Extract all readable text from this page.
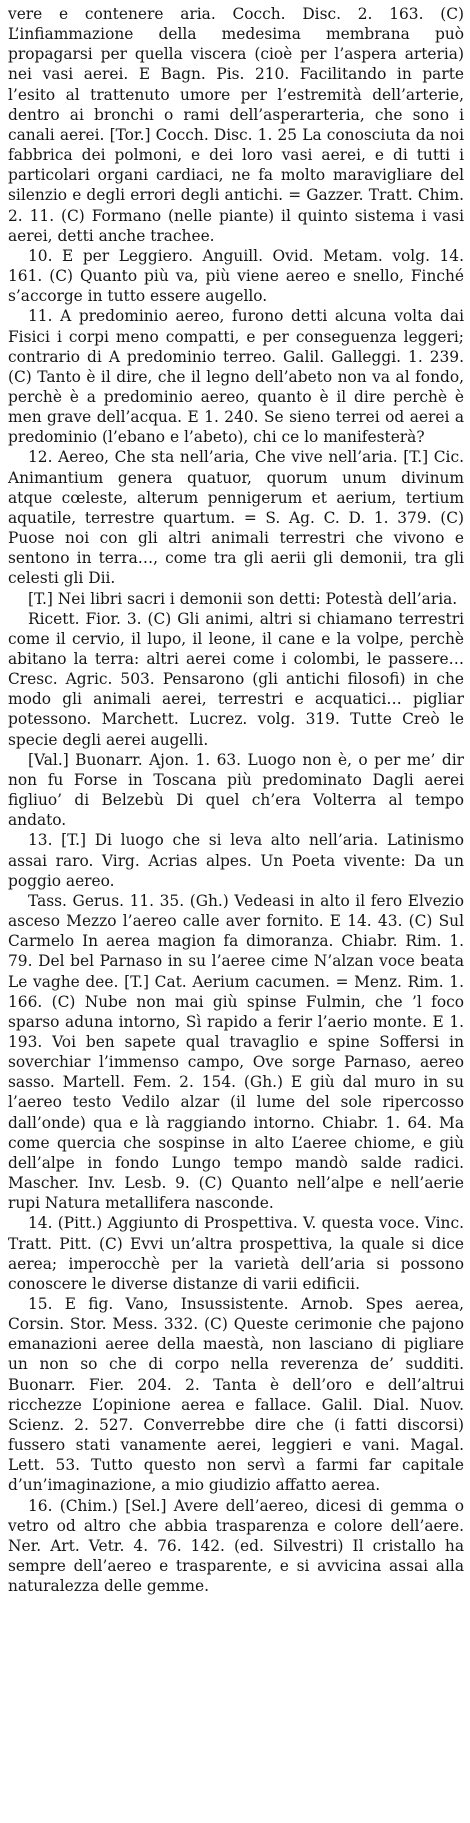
vere e contenere aria. Cocch. Disc. 2. 163. (C) L’infiammazione della medesima membrana può propagarsi per quella viscera (cioè per l’aspera arteria) nei vasi aerei. E Bagn. Pis. 210. Facilitando in parte l’esito al trattenuto umore per l’estremità dell’arterie, dentro ai bronchi o rami dell’asperarteria, che sono i canali aerei. [Tor.] Cocch. Disc. 1. 25 La conosciuta da noi fabbrica dei polmoni, e dei loro vasi aerei, e di tutti i particolari organi cardiaci, ne fa molto maravigliare del silenzio e degli errori degli antichi. = Gazzer. Tratt. Chim. 2. 11. (C) Formano (nelle piante) il quinto sistema i vasi aerei, detti anche trachee.

10. E per Leggiero. Anguill. Ovid. Metam. volg. 14. 161. (C) Quanto più va, più viene aereo e snello, Finché s’accorge in tutto essere augello.

11. A predominio aereo, furono detti alcuna volta dai Fisici i corpi meno compatti, e per conseguenza leggeri; contrario di A predominio terreo. Galil. Galleggi. 1. 239. (C) Tanto è il dire, che il legno dell’abeto non va al fondo, perchè è a predominio aereo, quanto è il dire perchè è men grave dell’acqua. E 1. 240. Se sieno terrei od aerei a predominio (l’ebano e l’abeto), chi ce lo manifesterà?

12. Aereo, Che sta nell’aria, Che vive nell’aria. [T.] Cic. Animantium genera quatuor, quorum unum divinum atque cœleste, alterum pennigerum et aerium, tertium aquatile, terrestre quartum. = S. Ag. C. D. 1. 379. (C) Puose noi con gli altri animali terrestri che vivono e sentono in terra…, come tra gli aerii gli demonii, tra gli celesti gli Dii.

[T.] Nei libri sacri i demonii son detti: Potestà dell’aria.

Ricett. Fior. 3. (C) Gli animi, altri si chiamano terrestri come il cervio, il lupo, il leone, il cane e la volpe, perchè abitano la terra: altri aerei come i colombi, le passere… Cresc. Agric. 503. Pensarono (gli antichi filosofi) in che modo gli animali aerei, terrestri e acquatici… pigliar potessono. Marchett. Lucrez. volg. 319. Tutte Creò le specie degli aerei augelli.

[Val.] Buonarr. Ajon. 1. 63. Luogo non è, o per me’ dir non fu Forse in Toscana più predominato Dagli aerei figliuo’ di Belzebù Di quel ch’era Volterra al tempo andato.

13. [T.] Di luogo che si leva alto nell’aria. Latinismo assai raro. Virg. Acrias alpes. Un Poeta vivente: Da un poggio aereo.

Tass. Gerus. 11. 35. (Gh.) Vedeasi in alto il fero Elvezio asceso Mezzo l’aereo calle aver fornito. E 14. 43. (C) Sul Carmelo In aerea magion fa dimoranza. Chiabr. Rim. 1. 79. Del bel Parnaso in su l’aeree cime N’alzan voce beata Le vaghe dee. [T.] Cat. Aerium cacumen. = Menz. Rim. 1. 166. (C) Nube non mai giù spinse Fulmin, che ’l foco sparso aduna intorno, Sì rapido a ferir l’aerio monte. E 1. 193. Voi ben sapete qual travaglio e spine Soffersi in soverchiar l’immenso campo, Ove sorge Parnaso, aereo sasso. Martell. Fem. 2. 154. (Gh.) E giù dal muro in su l’aereo testo Vedilo alzar (il lume del sole ripercosso dall’onde) qua e là raggiando intorno. Chiabr. 1. 64. Ma come quercia che sospinse in alto L’aeree chiome, e giù dell’alpe in fondo Lungo tempo mandò salde radici. Mascher. Inv. Lesb. 9. (C) Quanto nell’alpe e nell’aerie rupi Natura metallifera nasconde.

14. (Pitt.) Aggiunto di Prospettiva. V. questa voce. Vinc. Tratt. Pitt. (C) Evvi un’altra prospettiva, la quale si dice aerea; imperocchè per la varietà dell’aria si possono conoscere le diverse distanze di varii edificii.

15. E fig. Vano, Insussistente. Arnob. Spes aerea, Corsin. Stor. Mess. 332. (C) Queste cerimonie che pajono emanazioni aeree della maestà, non lasciano di pigliare un non so che di corpo nella reverenza de’ sudditi. Buonarr. Fier. 204. 2. Tanta è dell’oro e dell’altrui ricchezze L’opinione aerea e fallace. Galil. Dial. Nuov. Scienz. 2. 527. Converrebbe dire che (i fatti discorsi) fussero stati vanamente aerei, leggieri e vani. Magal. Lett. 53. Tutto questo non servì a farmi far capitale d’un’imaginazione, a mio giudizio affatto aerea.

16. (Chim.) [Sel.] Avere dell’aereo, dicesi di gemma o vetro od altro che abbia trasparenza e colore dell’aere. Ner. Art. Vetr. 4. 76. 142. (ed. Silvestri) Il cristallo ha sempre dell’aereo e trasparente, e si avvicina assai alla naturalezza delle gemme.
